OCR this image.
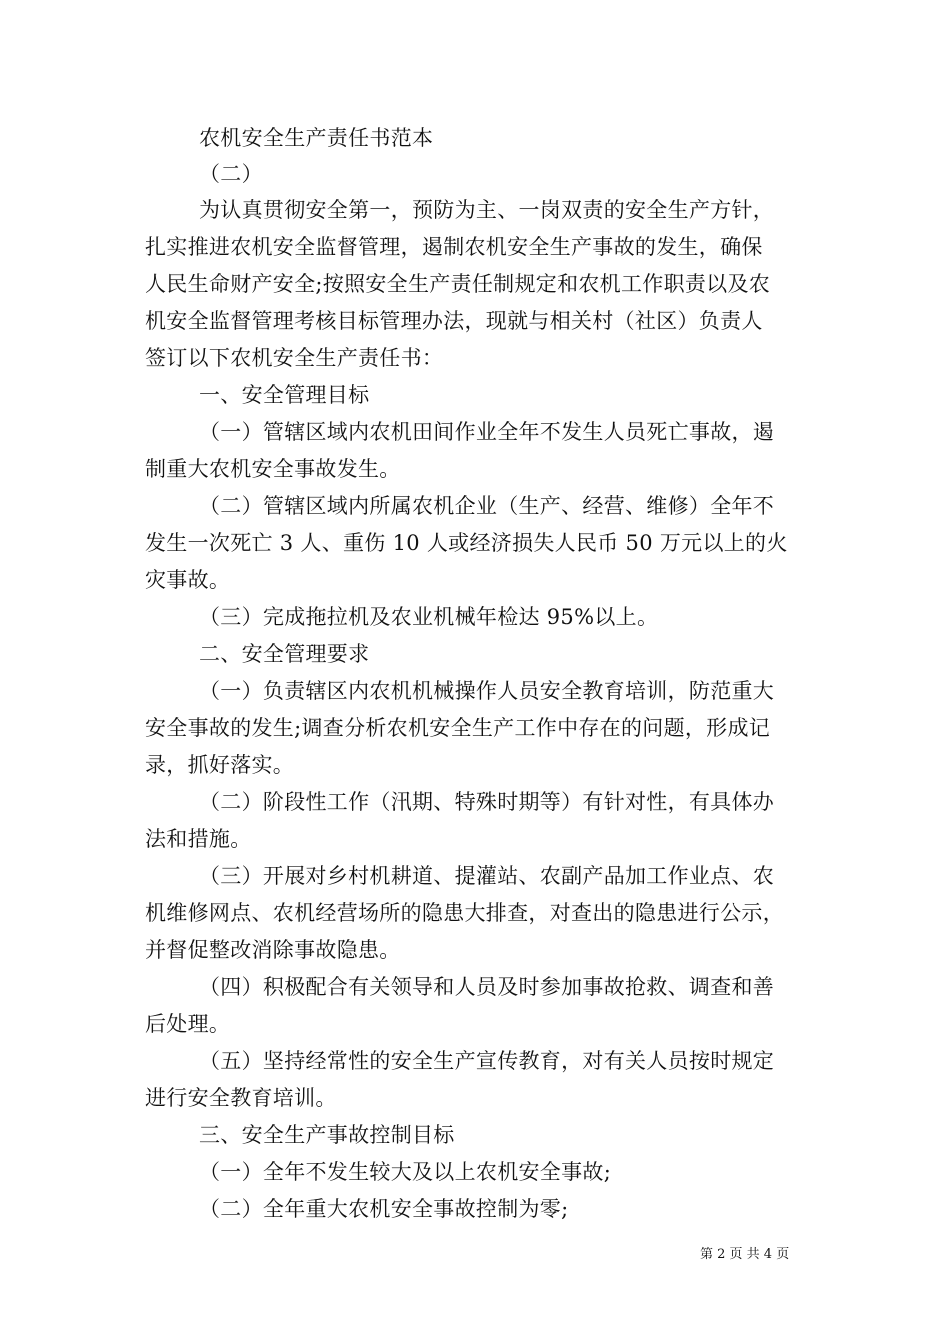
农机安全生产责任书范本
（二）
为认真贯彻安全第一，预防为主、一岗双责的安全生产方针，
扎实推进农机安全监督管理，遏制农机安全生产事故的发生，确保
人民生命财产安全;按照安全生产责任制规定和农机工作职责以及农
机安全监督管理考核目标管理办法，现就与相关村（社区）负责人
签订以下农机安全生产责任书：
一、安全管理目标
（一）管辖区域内农机田间作业全年不发生人员死亡事故，遏
制重大农机安全事故发生。
（二）管辖区域内所属农机企业（生产、经营、维修）全年不
发生一次死亡 3 人、重伤 10 人或经济损失人民币 50 万元以上的火
灾事故。
（三）完成拖拉机及农业机械年检达 95%以上。
二、安全管理要求
（一）负责辖区内农机机械操作人员安全教育培训，防范重大
安全事故的发生;调查分析农机安全生产工作中存在的问题，形成记
录，抓好落实。
（二）阶段性工作（汛期、特殊时期等）有针对性，有具体办
法和措施。
（三）开展对乡村机耕道、提灌站、农副产品加工作业点、农
机维修网点、农机经营场所的隐患大排查，对查出的隐患进行公示，
并督促整改消除事故隐患。
（四）积极配合有关领导和人员及时参加事故抢救、调查和善
后处理。
（五）坚持经常性的安全生产宣传教育，对有关人员按时规定
进行安全教育培训。
三、安全生产事故控制目标
（一）全年不发生较大及以上农机安全事故;
（二）全年重大农机安全事故控制为零;
第 2 页 共 4 页
